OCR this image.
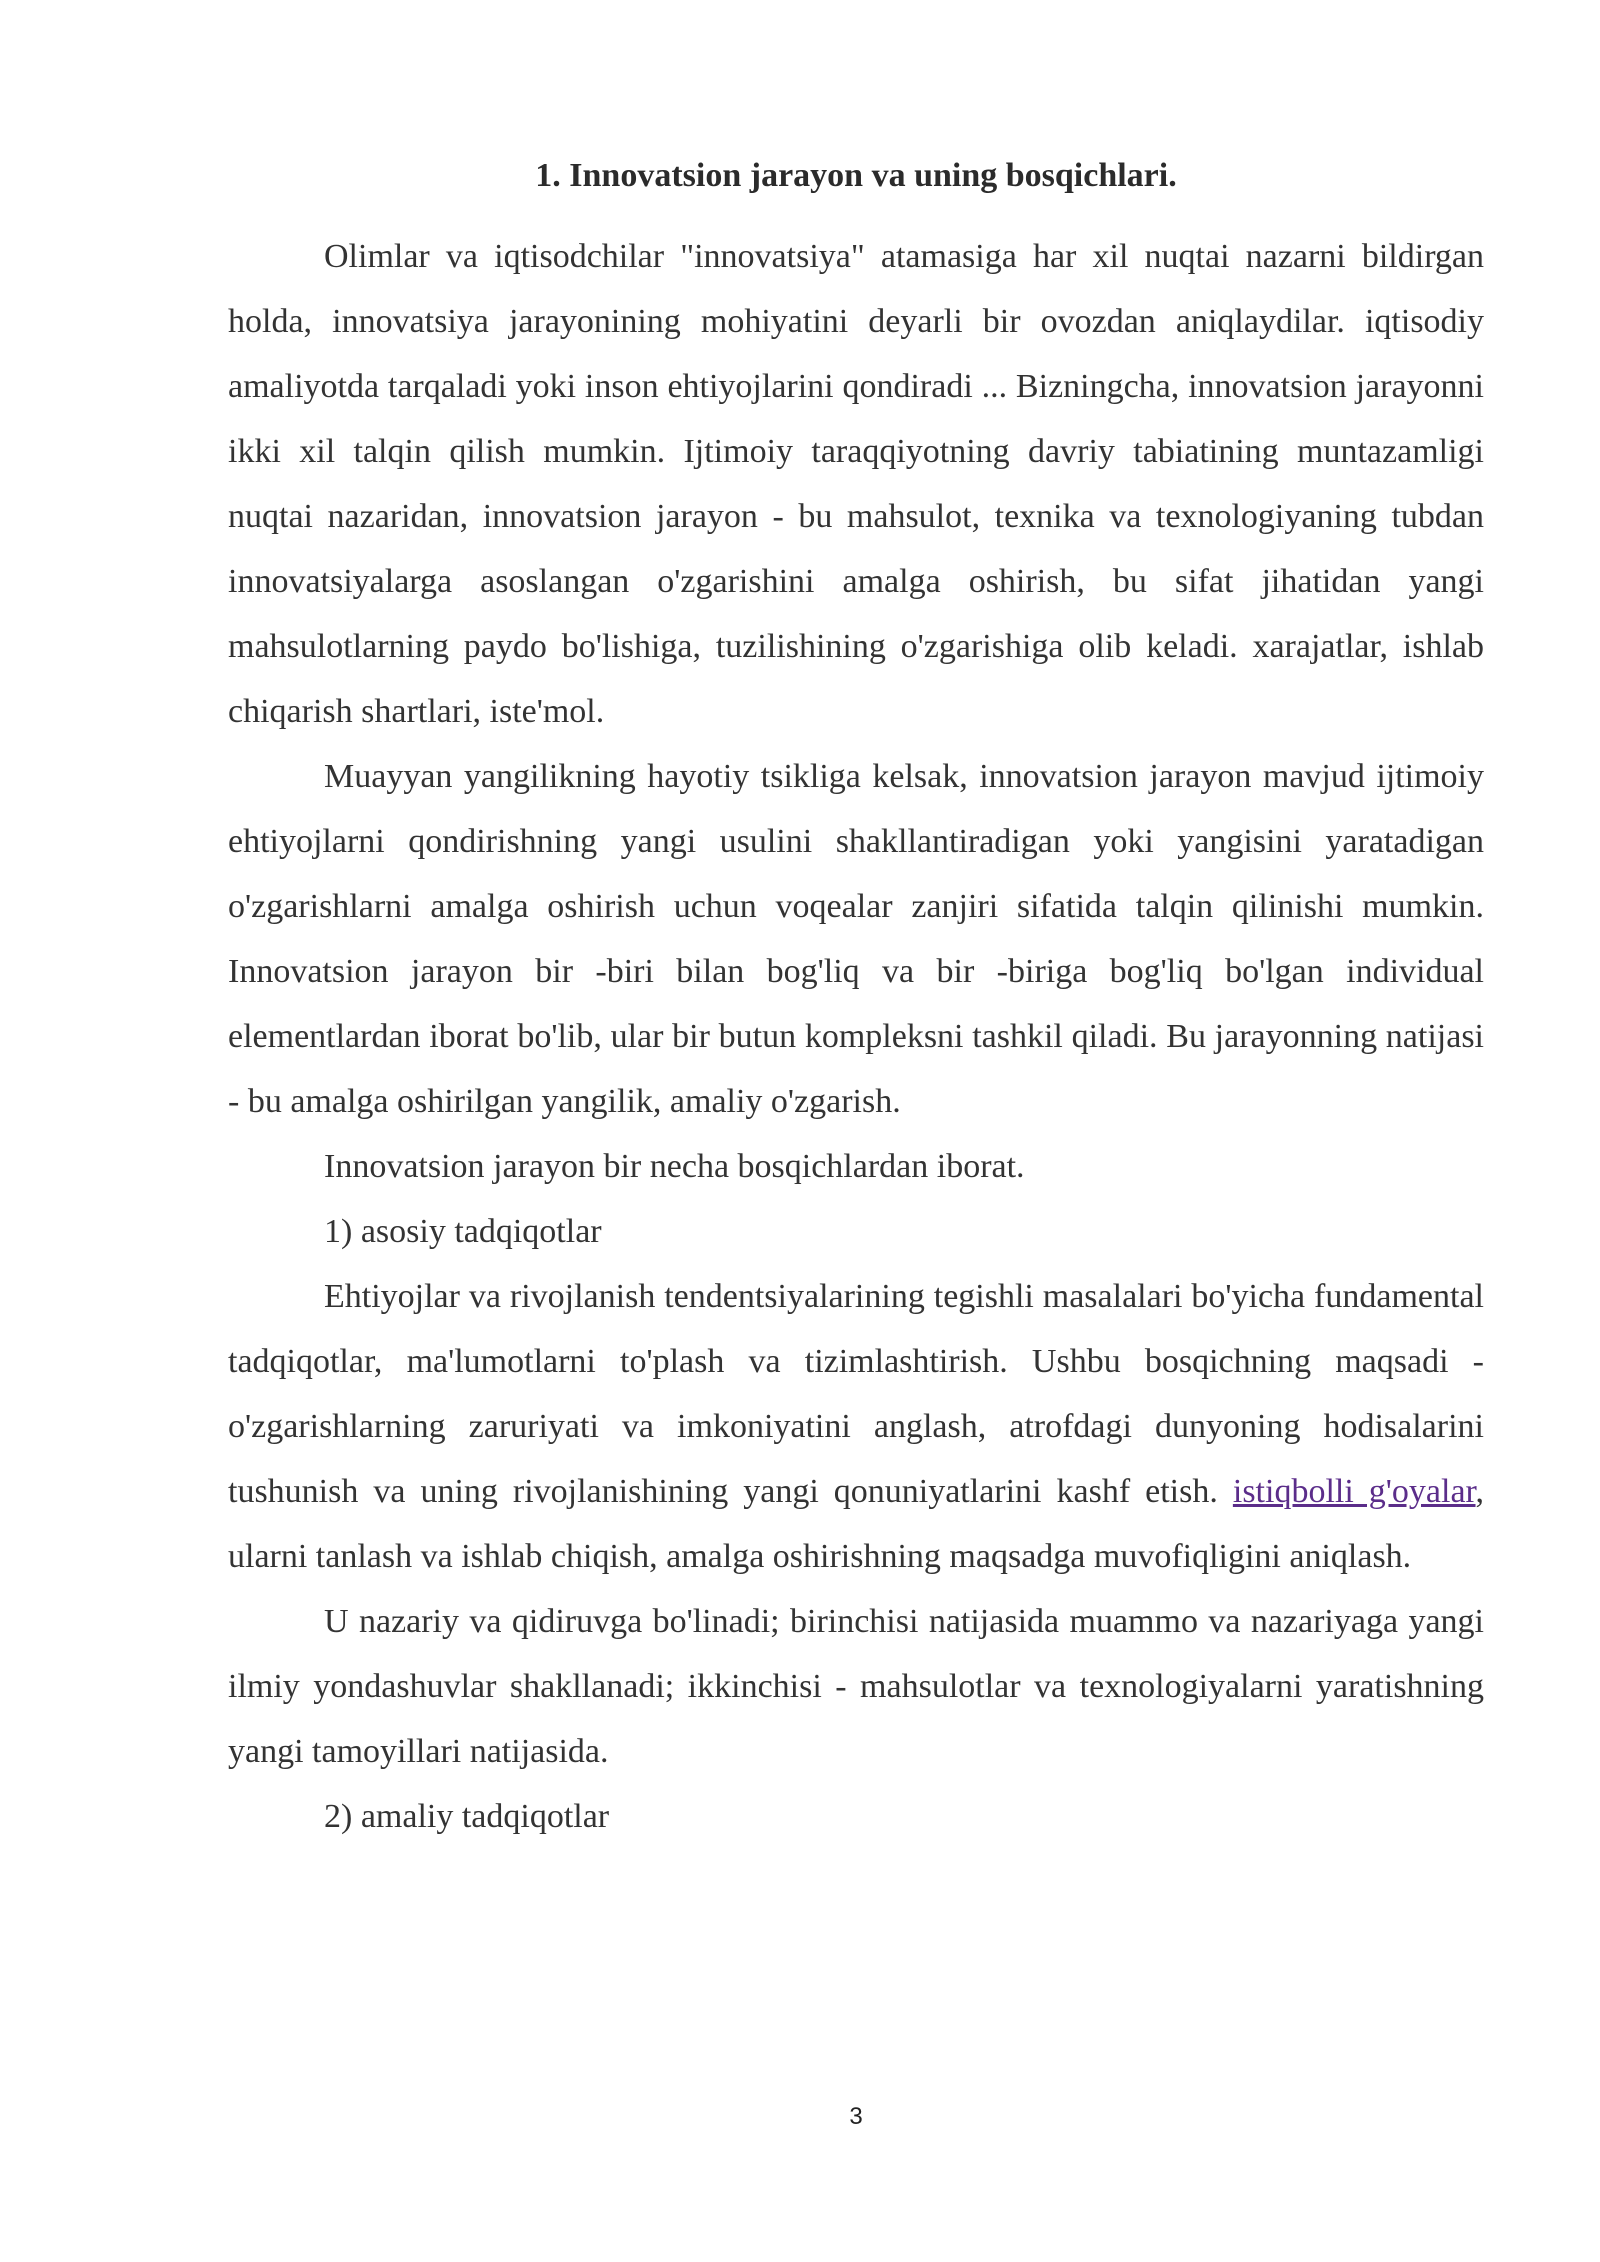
1. Innovatsion jarayon va uning bosqichlari.

Olimlar va iqtisodchilar "innovatsiya" atamasiga har xil nuqtai nazarni bildirgan holda, innovatsiya jarayonining mohiyatini deyarli bir ovozdan aniqlaydilar. iqtisodiy amaliyotda tarqaladi yoki inson ehtiyojlarini qondiradi ... Bizningcha, innovatsion jarayonni ikki xil talqin qilish mumkin. Ijtimoiy taraqqiyotning davriy tabiatining muntazamligi nuqtai nazaridan, innovatsion jarayon - bu mahsulot, texnika va texnologiyaning tubdan innovatsiyalarga asoslangan o'zgarishini amalga oshirish, bu sifat jihatidan yangi mahsulotlarning paydo bo'lishiga, tuzilishining o'zgarishiga olib keladi. xarajatlar, ishlab chiqarish shartlari, iste'mol.

Muayyan yangilikning hayotiy tsikliga kelsak, innovatsion jarayon mavjud ijtimoiy ehtiyojlarni qondirishning yangi usulini shakllantiradigan yoki yangisini yaratadigan o'zgarishlarni amalga oshirish uchun voqealar zanjiri sifatida talqin qilinishi mumkin. Innovatsion jarayon bir -biri bilan bog'liq va bir -biriga bog'liq bo'lgan individual elementlardan iborat bo'lib, ular bir butun kompleksni tashkil qiladi. Bu jarayonning natijasi - bu amalga oshirilgan yangilik, amaliy o'zgarish.

Innovatsion jarayon bir necha bosqichlardan iborat.

1) asosiy tadqiqotlar

Ehtiyojlar va rivojlanish tendentsiyalarining tegishli masalalari bo'yicha fundamental tadqiqotlar, ma'lumotlarni to'plash va tizimlashtirish. Ushbu bosqichning maqsadi - o'zgarishlarning zaruriyati va imkoniyatini anglash, atrofdagi dunyoning hodisalarini tushunish va uning rivojlanishining yangi qonuniyatlarini kashf etish. istiqbolli g'oyalar, ularni tanlash va ishlab chiqish, amalga oshirishning maqsadga muvofiqligini aniqlash.

U nazariy va qidiruvga bo'linadi; birinchisi natijasida muammo va nazariyaga yangi ilmiy yondashuvlar shakllanadi; ikkinchisi - mahsulotlar va texnologiyalarni yaratishning yangi tamoyillari natijasida.

2) amaliy tadqiqotlar

3
